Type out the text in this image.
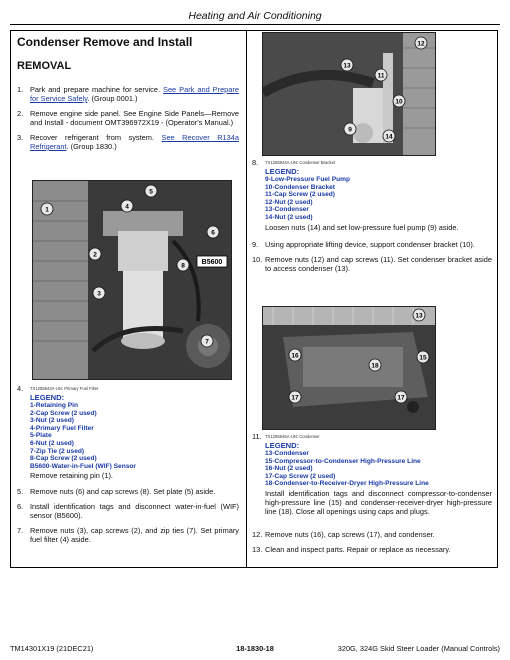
Heating and Air Conditioning
Condenser Remove and Install
REMOVAL
1. Park and prepare machine for service. See Park and Prepare for Service Safely. (Group 0001.)
2. Remove engine side panel. See Engine Side Panels—Remove and Install - document OMT396972X19 - (Operator's Manual.)
3. Recover refrigerant from system. See Recover R134a Refrigerant. (Group 1830.)
1	4
5
2
6
8
3
7
B5600
4.	TX1255943A-UN: Primary Fuel Filter
LEGEND:
1-Retaining Pin
2-Cap Screw (2 used)
3-Nut (2 used)
4-Primary Fuel Filter
5-Plate
6-Nut (2 used)
7-Zip Tie (2 used)
8-Cap Screw (2 used)
B5600-Water-in-Fuel (WIF) Sensor
Remove retaining pin (1).
5. Remove nuts (6) and cap screws (8). Set plate (5) aside.
6. Install identification tags and disconnect water-in-fuel (WIF) sensor (B5600).
7. Remove nuts (3), cap screws (2), and zip ties (7). Set primary fuel filter (4) aside.
12
13
11
10
9
14
8.	TX1255944A-UN: Condenser Bracket
LEGEND:
9-Low-Pressure Fuel Pump
10-Condenser Bracket
11-Cap Screw (2 used)
12-Nut (2 used)
13-Condenser
14-Nut (2 used)
Loosen nuts (14) and set low-pressure fuel pump (9) aside.
9. Using appropriate lifting device, support condenser bracket (10).
10. Remove nuts (12) and cap screws (11). Set condenser bracket aside to access condenser (13).
13
16	15
18
17	17
11. TX1255945A-UN: Condenser
LEGEND:
13-Condenser
15-Compressor-to-Condenser High-Pressure Line
16-Nut (2 used)
17-Cap Screw (2 used)
18-Condenser-to-Receiver-Dryer High-Pressure Line
Install identification tags and disconnect compressor-to-condenser high-pressure line (15) and condenser-receiver-dryer high-pressure line (18). Close all openings using caps and plugs.
12. Remove nuts (16), cap screws (17), and condenser.
13. Clean and inspect parts. Repair or replace as necessary.
TM14301X19 (21DEC21)	18-1830-18	320G, 324G Skid Steer Loader (Manual Controls)
